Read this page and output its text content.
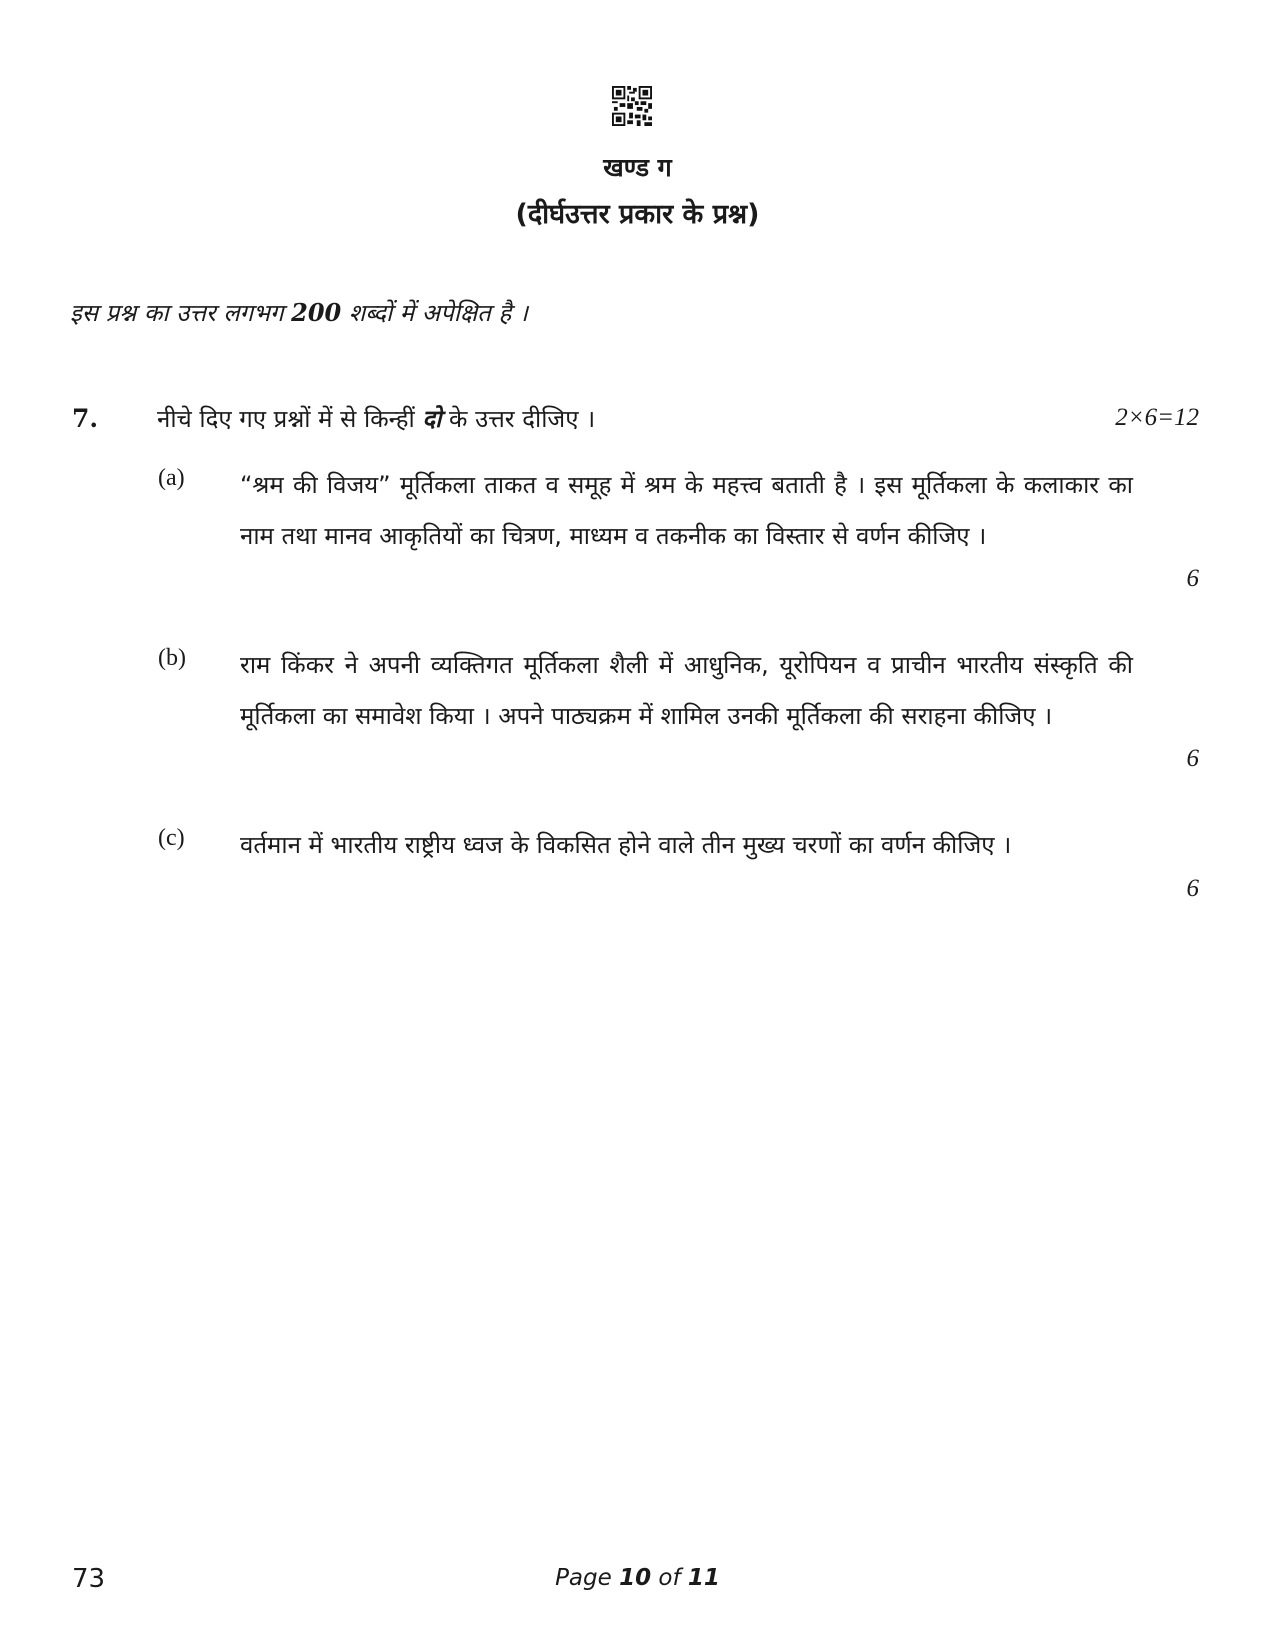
खण्ड ग
(दीर्घउत्तर प्रकार के प्रश्न)
इस प्रश्न का उत्तर लगभग 200 शब्दों में अपेक्षित है ।
7. नीचे दिए गए प्रश्नों में से किन्हीं दो के उत्तर दीजिए ।	2×6=12
(a) “श्रम की विजय” मूर्तिकला ताकत व समूह में श्रम के महत्त्व बताती है । इस मूर्तिकला के कलाकार का नाम तथा मानव आकृतियों का चित्रण, माध्यम व तकनीक का विस्तार से वर्णन कीजिए ।
6
(b) राम किंकर ने अपनी व्यक्तिगत मूर्तिकला शैली में आधुनिक, यूरोपियन व प्राचीन भारतीय संस्कृति की मूर्तिकला का समावेश किया । अपने पाठ्यक्रम में शामिल उनकी मूर्तिकला की सराहना कीजिए ।
6
(c) वर्तमान में भारतीय राष्ट्रीय ध्वज के विकसित होने वाले तीन मुख्य चरणों का वर्णन कीजिए ।
6
73	Page 10 of 11
